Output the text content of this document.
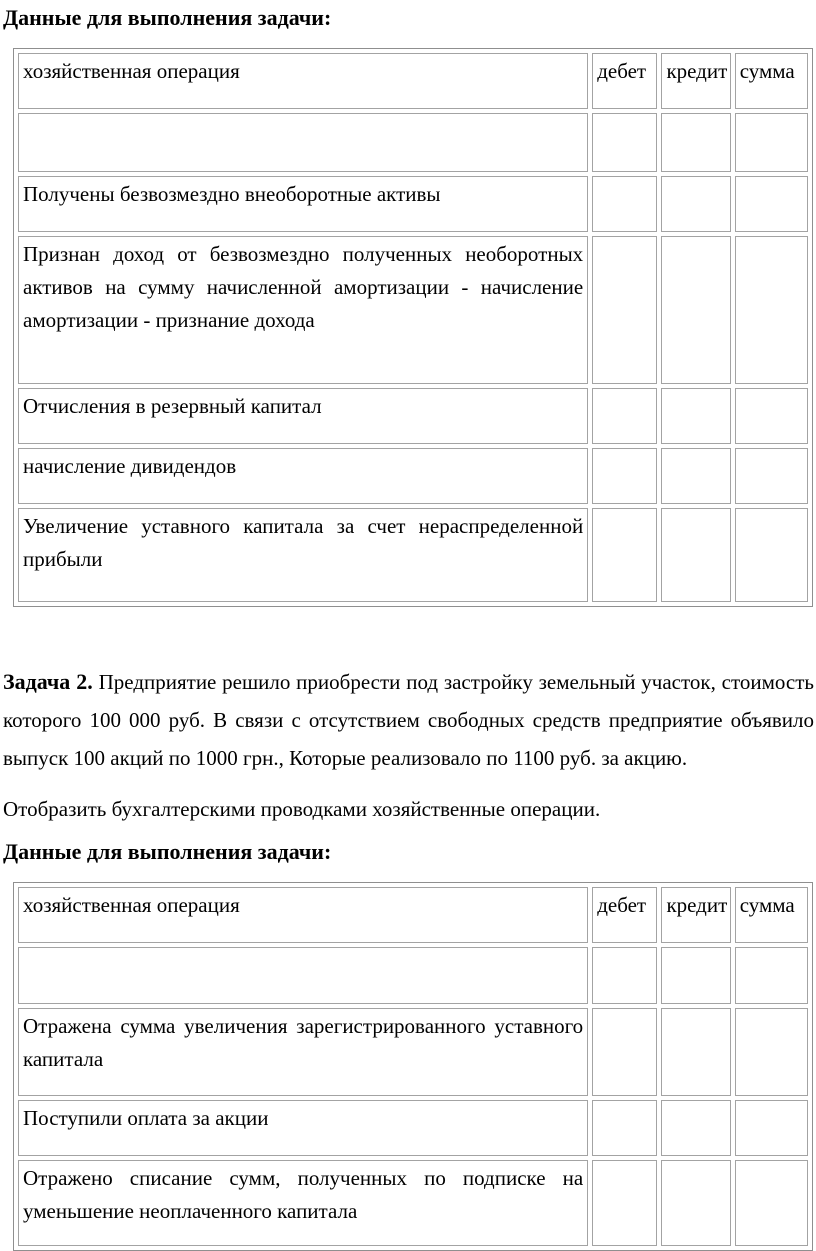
Данные для выполнения задачи:

хозяйственная операция	дебет	кредит	сумма

Получены безвозмездно внеоборотные активы			
Признан доход от безвозмездно полученных необоротных активов на сумму начисленной амортизации - начисление амортизации - признание дохода			
Отчисления в резервный капитал			
начисление дивидендов			
Увеличение уставного капитала за счет нераспределенной прибыли			

Задача 2. Предприятие решило приобрести под застройку земельный участок, стоимость которого 100 000 руб. В связи с отсутствием свободных средств предприятие объявило выпуск 100 акций по 1000 грн., Которые реализовало по 1100 руб. за акцию.

Отобразить бухгалтерскими проводками хозяйственные операции.

Данные для выполнения задачи:

хозяйственная операция	дебет	кредит	сумма

Отражена сумма увеличения зарегистрированного уставного капитала			
Поступили оплата за акции			
Отражено списание сумм, полученных по подписке на уменьшение неоплаченного капитала			
